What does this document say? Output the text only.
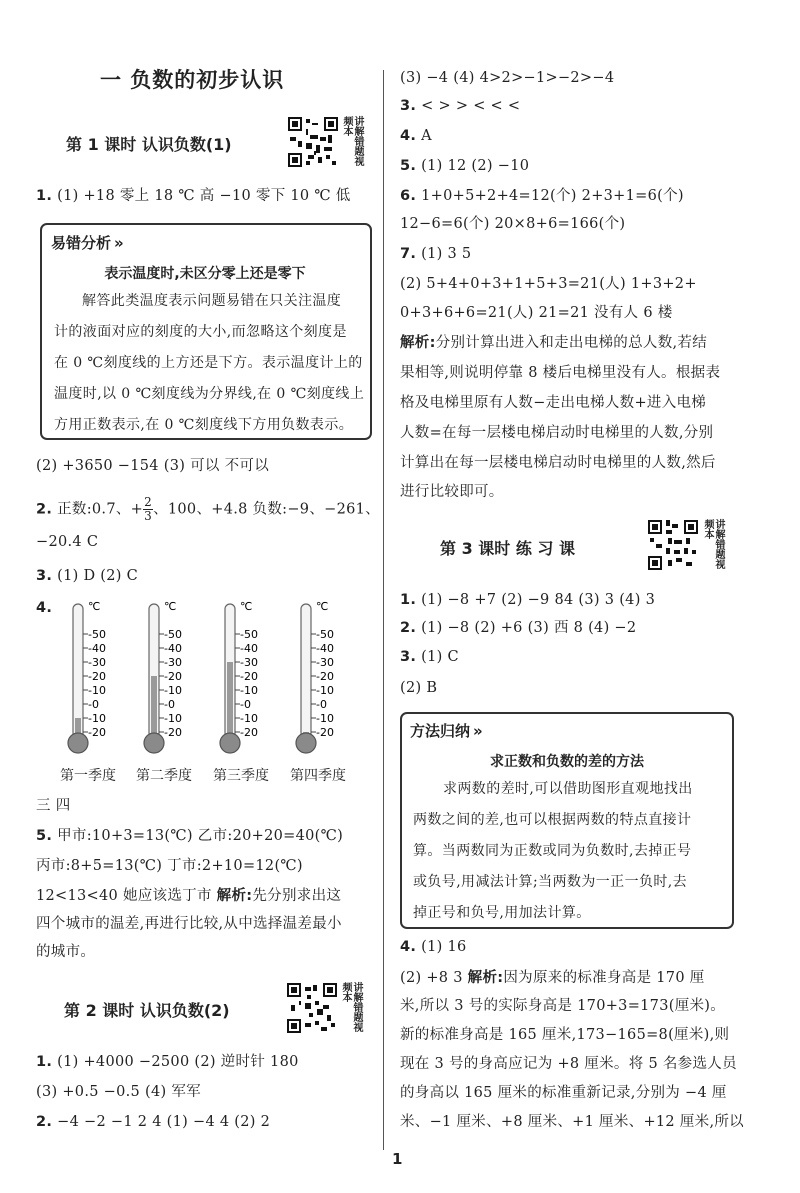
一 负数的初步认识
第 1 课时 认识负数(1)	讲解错题视频本
1. (1) +18 零上 18 ℃ 高 −10 零下 10 ℃ 低
易错分析 »
表示温度时,未区分零上还是零下
解答此类温度表示问题易错在只关注温度
计的液面对应的刻度的大小,而忽略这个刻度是
在 0 ℃刻度线的上方还是下方。表示温度计上的
温度时,以 0 ℃刻度线为分界线,在 0 ℃刻度线上
方用正数表示,在 0 ℃刻度线下方用负数表示。
(2) +3650 −154 (3) 可以 不可以
2. 正数:0.7、+ $\frac{2}{3}$ 、100、+4.8 负数:−9、−261、
−20.4 C
3. (1) D (2) C
4.	℃
-50
-40
-30
-20
-10
-0
-10
-20
℃
-50
-40
-30
-20
-10
-0
-10
-20
℃
-50
-40
-30
-20
-10
-0
-10
-20
℃
-50
-40
-30
-20
-10
-0
-10
-20
第一季度 第二季度 第三季度 第四季度
三 四
5. 甲市:10+3=13(℃) 乙市:20+20=40(℃)
丙市:8+5=13(℃) 丁市:2+10=12(℃)
12<13<40 她应该选丁市 解析:先分别求出这
四个城市的温差,再进行比较,从中选择温差最小
的城市。
第 2 课时 认识负数(2)	讲解错题视频本
1. (1) +4000 −2500 (2) 逆时针 180
(3) +0.5 −0.5 (4) 军军
2. −4 −2 −1 2 4 (1) −4 4 (2) 2
(3) −4 (4) 4>2>−1>−2>−4
3. < > > < < <
4. A
5. (1) 12 (2) −10
6. 1+0+5+2+4=12(个) 2+3+1=6(个)
12−6=6(个) 20×8+6=166(个)
7. (1) 3 5
(2) 5+4+0+3+1+5+3=21(人) 1+3+2+
0+3+6+6=21(人) 21=21 没有人 6 楼
解析:分别计算出进入和走出电梯的总人数,若结
果相等,则说明停靠 8 楼后电梯里没有人。根据表
格及电梯里原有人数−走出电梯人数+进入电梯
人数=在每一层楼电梯启动时电梯里的人数,分别
计算出在每一层楼电梯启动时电梯里的人数,然后
进行比较即可。
第 3 课时 练 习 课	讲解错题视频本
1. (1) −8 +7 (2) −9 84 (3) 3 (4) 3
2. (1) −8 (2) +6 (3) 西 8 (4) −2
3. (1) C
(2) B
方法归纳 »
求正数和负数的差的方法
求两数的差时,可以借助图形直观地找出
两数之间的差,也可以根据两数的特点直接计
算。当两数同为正数或同为负数时,去掉正号
或负号,用减法计算;当两数为一正一负时,去
掉正号和负号,用加法计算。
4. (1) 16
(2) +8 3 解析:因为原来的标准身高是 170 厘
米,所以 3 号的实际身高是 170+3=173(厘米)。
新的标准身高是 165 厘米,173−165=8(厘米),则
现在 3 号的身高应记为 +8 厘米。将 5 名参选人员
的身高以 165 厘米的标准重新记录,分别为 −4 厘
米、−1 厘米、+8 厘米、+1 厘米、+12 厘米,所以
1
